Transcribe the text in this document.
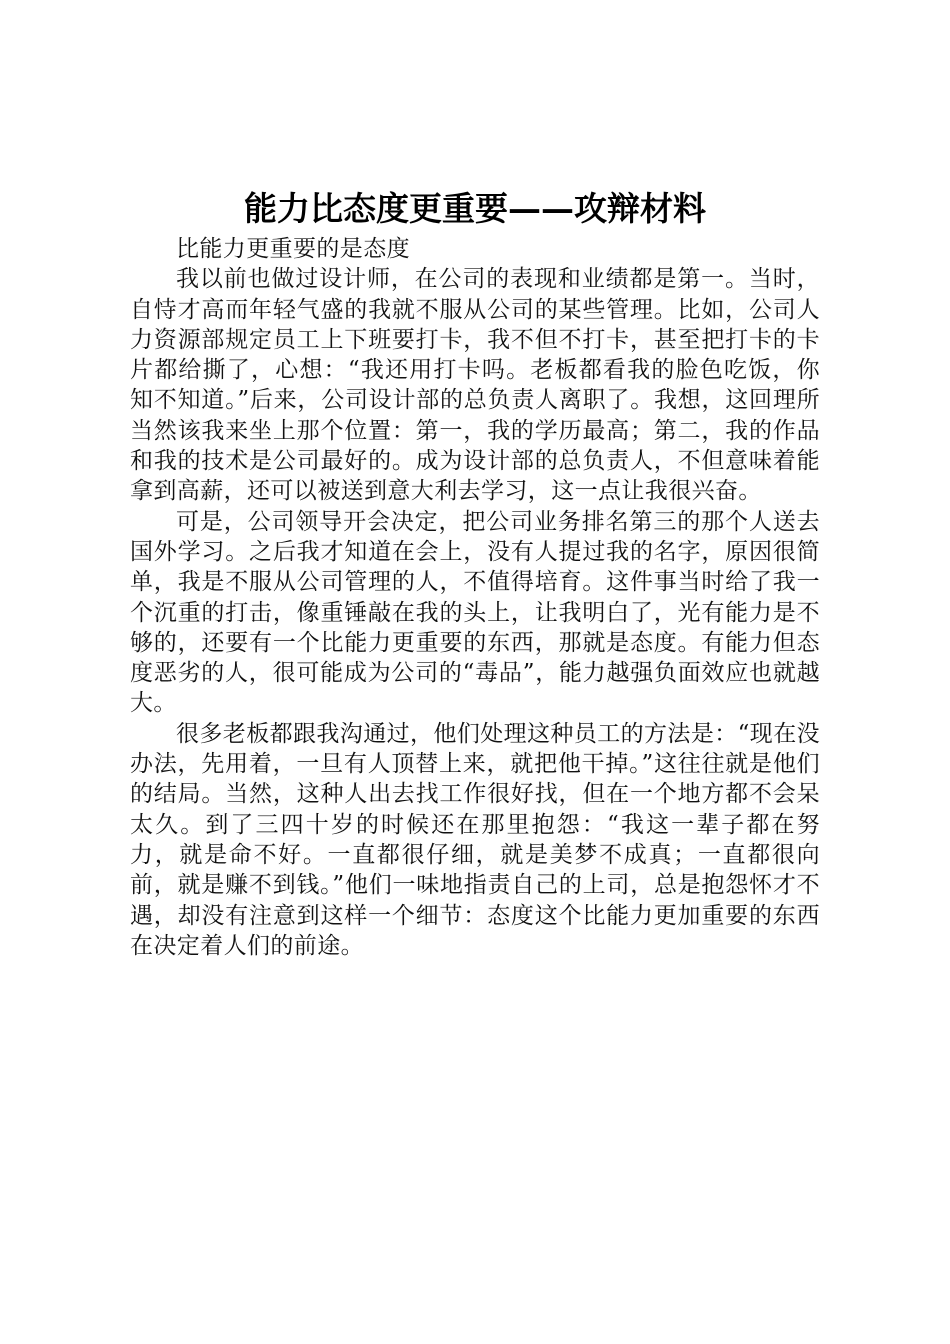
能力比态度更重要——攻辩材料

比能力更重要的是态度

我以前也做过设计师，在公司的表现和业绩都是第一。当时，自恃才高而年轻气盛的我就不服从公司的某些管理。比如，公司人力资源部规定员工上下班要打卡，我不但不打卡，甚至把打卡的卡片都给撕了，心想：“我还用打卡吗。老板都看我的脸色吃饭，你知不知道。”后来，公司设计部的总负责人离职了。我想，这回理所当然该我来坐上那个位置：第一，我的学历最高；第二，我的作品和我的技术是公司最好的。成为设计部的总负责人，不但意味着能拿到高薪，还可以被送到意大利去学习，这一点让我很兴奋。

可是，公司领导开会决定，把公司业务排名第三的那个人送去国外学习。之后我才知道在会上，没有人提过我的名字，原因很简单，我是不服从公司管理的人，不值得培育。这件事当时给了我一个沉重的打击，像重锤敲在我的头上，让我明白了，光有能力是不够的，还要有一个比能力更重要的东西，那就是态度。有能力但态度恶劣的人，很可能成为公司的“毒品”，能力越强负面效应也就越大。

很多老板都跟我沟通过，他们处理这种员工的方法是：“现在没办法，先用着，一旦有人顶替上来，就把他干掉。”这往往就是他们的结局。当然，这种人出去找工作很好找，但在一个地方都不会呆太久。到了三四十岁的时候还在那里抱怨：“我这一辈子都在努力，就是命不好。一直都很仔细，就是美梦不成真；一直都很向前，就是赚不到钱。”他们一味地指责自己的上司，总是抱怨怀才不遇，却没有注意到这样一个细节：态度这个比能力更加重要的东西在决定着人们的前途。
